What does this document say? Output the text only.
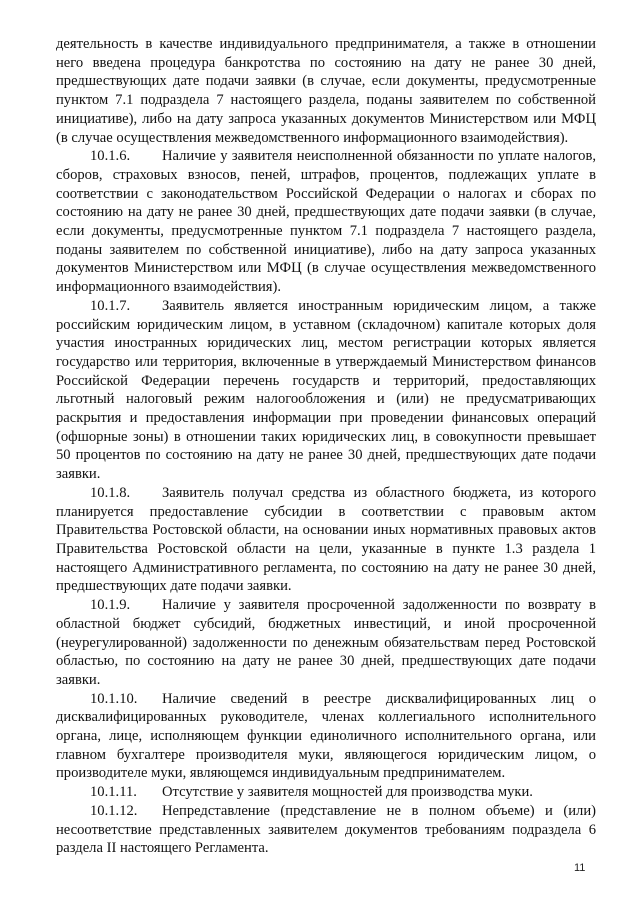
деятельность в качестве индивидуального предпринимателя, а также в отношении него введена процедура банкротства по состоянию на дату не ранее 30 дней, предшествующих дате подачи заявки (в случае, если документы, предусмотренные пунктом 7.1 подраздела 7 настоящего раздела, поданы заявителем по собственной инициативе), либо на дату запроса указанных документов Министерством или МФЦ (в случае осуществления межведомственного информационного взаимодействия).

10.1.6. Наличие у заявителя неисполненной обязанности по уплате налогов, сборов, страховых взносов, пеней, штрафов, процентов, подлежащих уплате в соответствии с законодательством Российской Федерации о налогах и сборах по состоянию на дату не ранее 30 дней, предшествующих дате подачи заявки (в случае, если документы, предусмотренные пунктом 7.1 подраздела 7 настоящего раздела, поданы заявителем по собственной инициативе), либо на дату запроса указанных документов Министерством или МФЦ (в случае осуществления межведомственного информационного взаимодействия).

10.1.7. Заявитель является иностранным юридическим лицом, а также российским юридическим лицом, в уставном (складочном) капитале которых доля участия иностранных юридических лиц, местом регистрации которых является государство или территория, включенные в утверждаемый Министерством финансов Российской Федерации перечень государств и территорий, предоставляющих льготный налоговый режим налогообложения и (или) не предусматривающих раскрытия и предоставления информации при проведении финансовых операций (офшорные зоны) в отношении таких юридических лиц, в совокупности превышает 50 процентов по состоянию на дату не ранее 30 дней, предшествующих дате подачи заявки.

10.1.8. Заявитель получал средства из областного бюджета, из которого планируется предоставление субсидии в соответствии с правовым актом Правительства Ростовской области, на основании иных нормативных правовых актов Правительства Ростовской области на цели, указанные в пункте 1.3 раздела 1 настоящего Административного регламента, по состоянию на дату не ранее 30 дней, предшествующих дате подачи заявки.

10.1.9. Наличие у заявителя просроченной задолженности по возврату в областной бюджет субсидий, бюджетных инвестиций, и иной просроченной (неурегулированной) задолженности по денежным обязательствам перед Ростовской областью, по состоянию на дату не ранее 30 дней, предшествующих дате подачи заявки.

10.1.10. Наличие сведений в реестре дисквалифицированных лиц о дисквалифицированных руководителе, членах коллегиального исполнительного органа, лице, исполняющем функции единоличного исполнительного органа, или главном бухгалтере производителя муки, являющегося юридическим лицом, о производителе муки, являющемся индивидуальным предпринимателем.

10.1.11. Отсутствие у заявителя мощностей для производства муки.

10.1.12. Непредставление (представление не в полном объеме) и (или) несоответствие представленных заявителем документов требованиям подраздела 6 раздела II настоящего Регламента.

11
